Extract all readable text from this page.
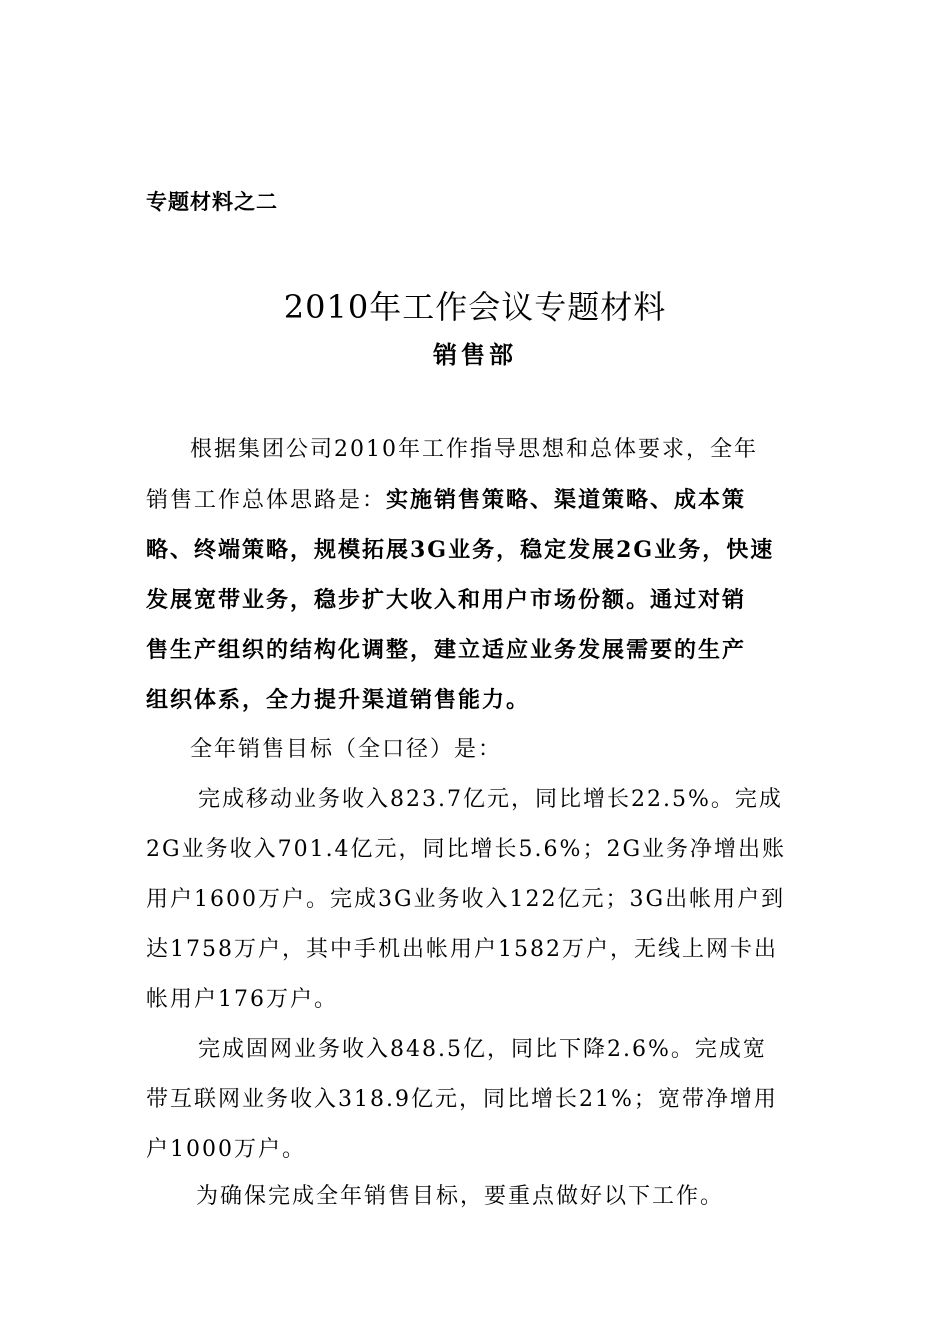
专题材料之二
2010年工作会议专题材料
销售部
根据集团公司2010年工作指导思想和总体要求，全年
销售工作总体思路是：实施销售策略、渠道策略、成本策
略、终端策略，规模拓展3G业务，稳定发展2G业务，快速
发展宽带业务，稳步扩大收入和用户市场份额。通过对销
售生产组织的结构化调整，建立适应业务发展需要的生产
组织体系，全力提升渠道销售能力。
全年销售目标（全口径）是：
完成移动业务收入823.7亿元，同比增长22.5%。完成
2G业务收入701.4亿元，同比增长5.6%；2G业务净增出账
用户1600万户。完成3G业务收入122亿元；3G出帐用户到
达1758万户，其中手机出帐用户1582万户，无线上网卡出
帐用户176万户。
完成固网业务收入848.5亿，同比下降2.6%。完成宽
带互联网业务收入318.9亿元，同比增长21%；宽带净增用
户1000万户。
为确保完成全年销售目标，要重点做好以下工作。
